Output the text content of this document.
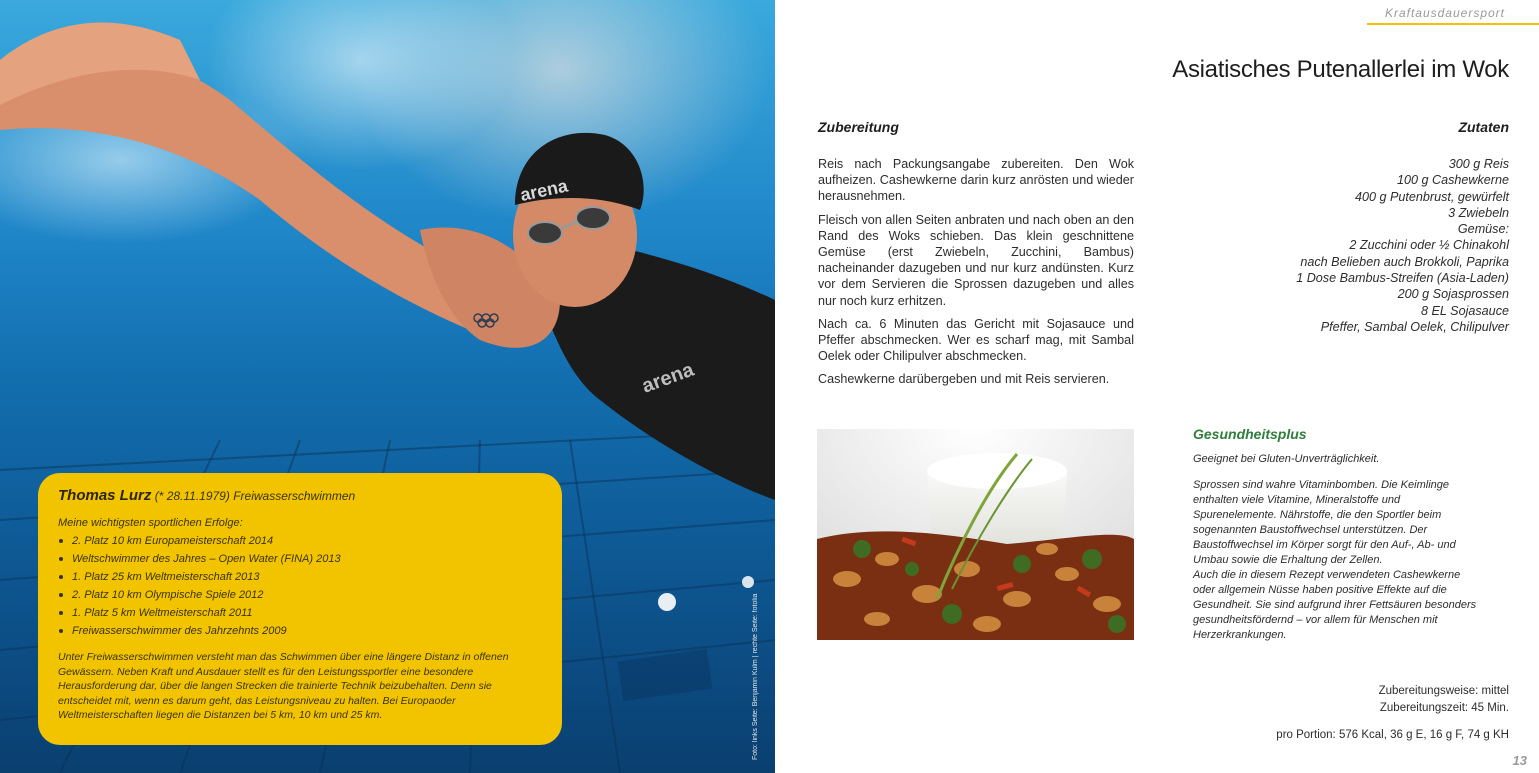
arena
arena
Foto: links Seite: Benjamin Kulm | rechte Seite: fotolia

Thomas Lurz (* 28.11.1979) Freiwasserschwimmen

Meine wichtigsten sportlichen Erfolge:
2. Platz 10 km Europameisterschaft 2014
Weltschwimmer des Jahres – Open Water (FINA) 2013
1. Platz 25 km Weltmeisterschaft 2013
2. Platz 10 km Olympische Spiele 2012
1. Platz 5 km Weltmeisterschaft 2011
Freiwasserschwimmer des Jahrzehnts 2009

Unter Freiwasserschwimmen versteht man das Schwimmen über eine längere Distanz in offenen Gewässern. Neben Kraft und Ausdauer stellt es für den Leistungssportler eine besondere Herausforderung dar, über die langen Strecken die trainierte Technik beizubehalten. Denn sie entscheidet mit, wenn es darum geht, das Leistungsniveau zu halten. Bei Europaoder Weltmeisterschaften liegen die Distanzen bei 5 km, 10 km und 25 km.

Kraftausdauersport
Asiatisches Putenallerlei im Wok
Zubereitung	Zutaten

Reis nach Packungsangabe zubereiten. Den Wok aufheizen. Cashewkerne darin kurz anrösten und wieder herausnehmen.

Fleisch von allen Seiten anbraten und nach oben an den Rand des Woks schieben. Das klein geschnittene Gemüse (erst Zwiebeln, Zucchini, Bambus) nacheinander dazugeben und nur kurz andünsten. Kurz vor dem Servieren die Sprossen dazugeben und alles nur noch kurz erhitzen.

Nach ca. 6 Minuten das Gericht mit Sojasauce und Pfeffer abschmecken. Wer es scharf mag, mit Sambal Oelek oder Chilipulver abschmecken.

Cashewkerne darübergeben und mit Reis servieren.

300 g Reis
100 g Cashewkerne
400 g Putenbrust, gewürfelt
3 Zwiebeln
Gemüse:
2 Zucchini oder ½ Chinakohl
nach Belieben auch Brokkoli, Paprika
1 Dose Bambus-Streifen (Asia-Laden)
200 g Sojasprossen
8 EL Sojasauce
Pfeffer, Sambal Oelek, Chilipulver
Gesundheitsplus

Geeignet bei Gluten-Unverträglichkeit.

Sprossen sind wahre Vitaminbomben. Die Keimlinge enthalten viele Vitamine, Mineralstoffe und Spurenelemente. Nährstoffe, die den Sportler beim sogenannten Baustoffwechsel unterstützen. Der Baustoffwechsel im Körper sorgt für den Auf-, Ab- und Umbau sowie die Erhaltung der Zellen.

Auch die in diesem Rezept verwendeten Cashewkerne oder allgemein Nüsse haben positive Effekte auf die Gesundheit. Sie sind aufgrund ihrer Fettsäuren besonders gesundheitsfördernd – vor allem für Menschen mit Herzerkrankungen.

Zubereitungsweise: mittel
Zubereitungszeit: 45 Min.
pro Portion: 576 Kcal, 36 g E, 16 g F, 74 g KH
13
